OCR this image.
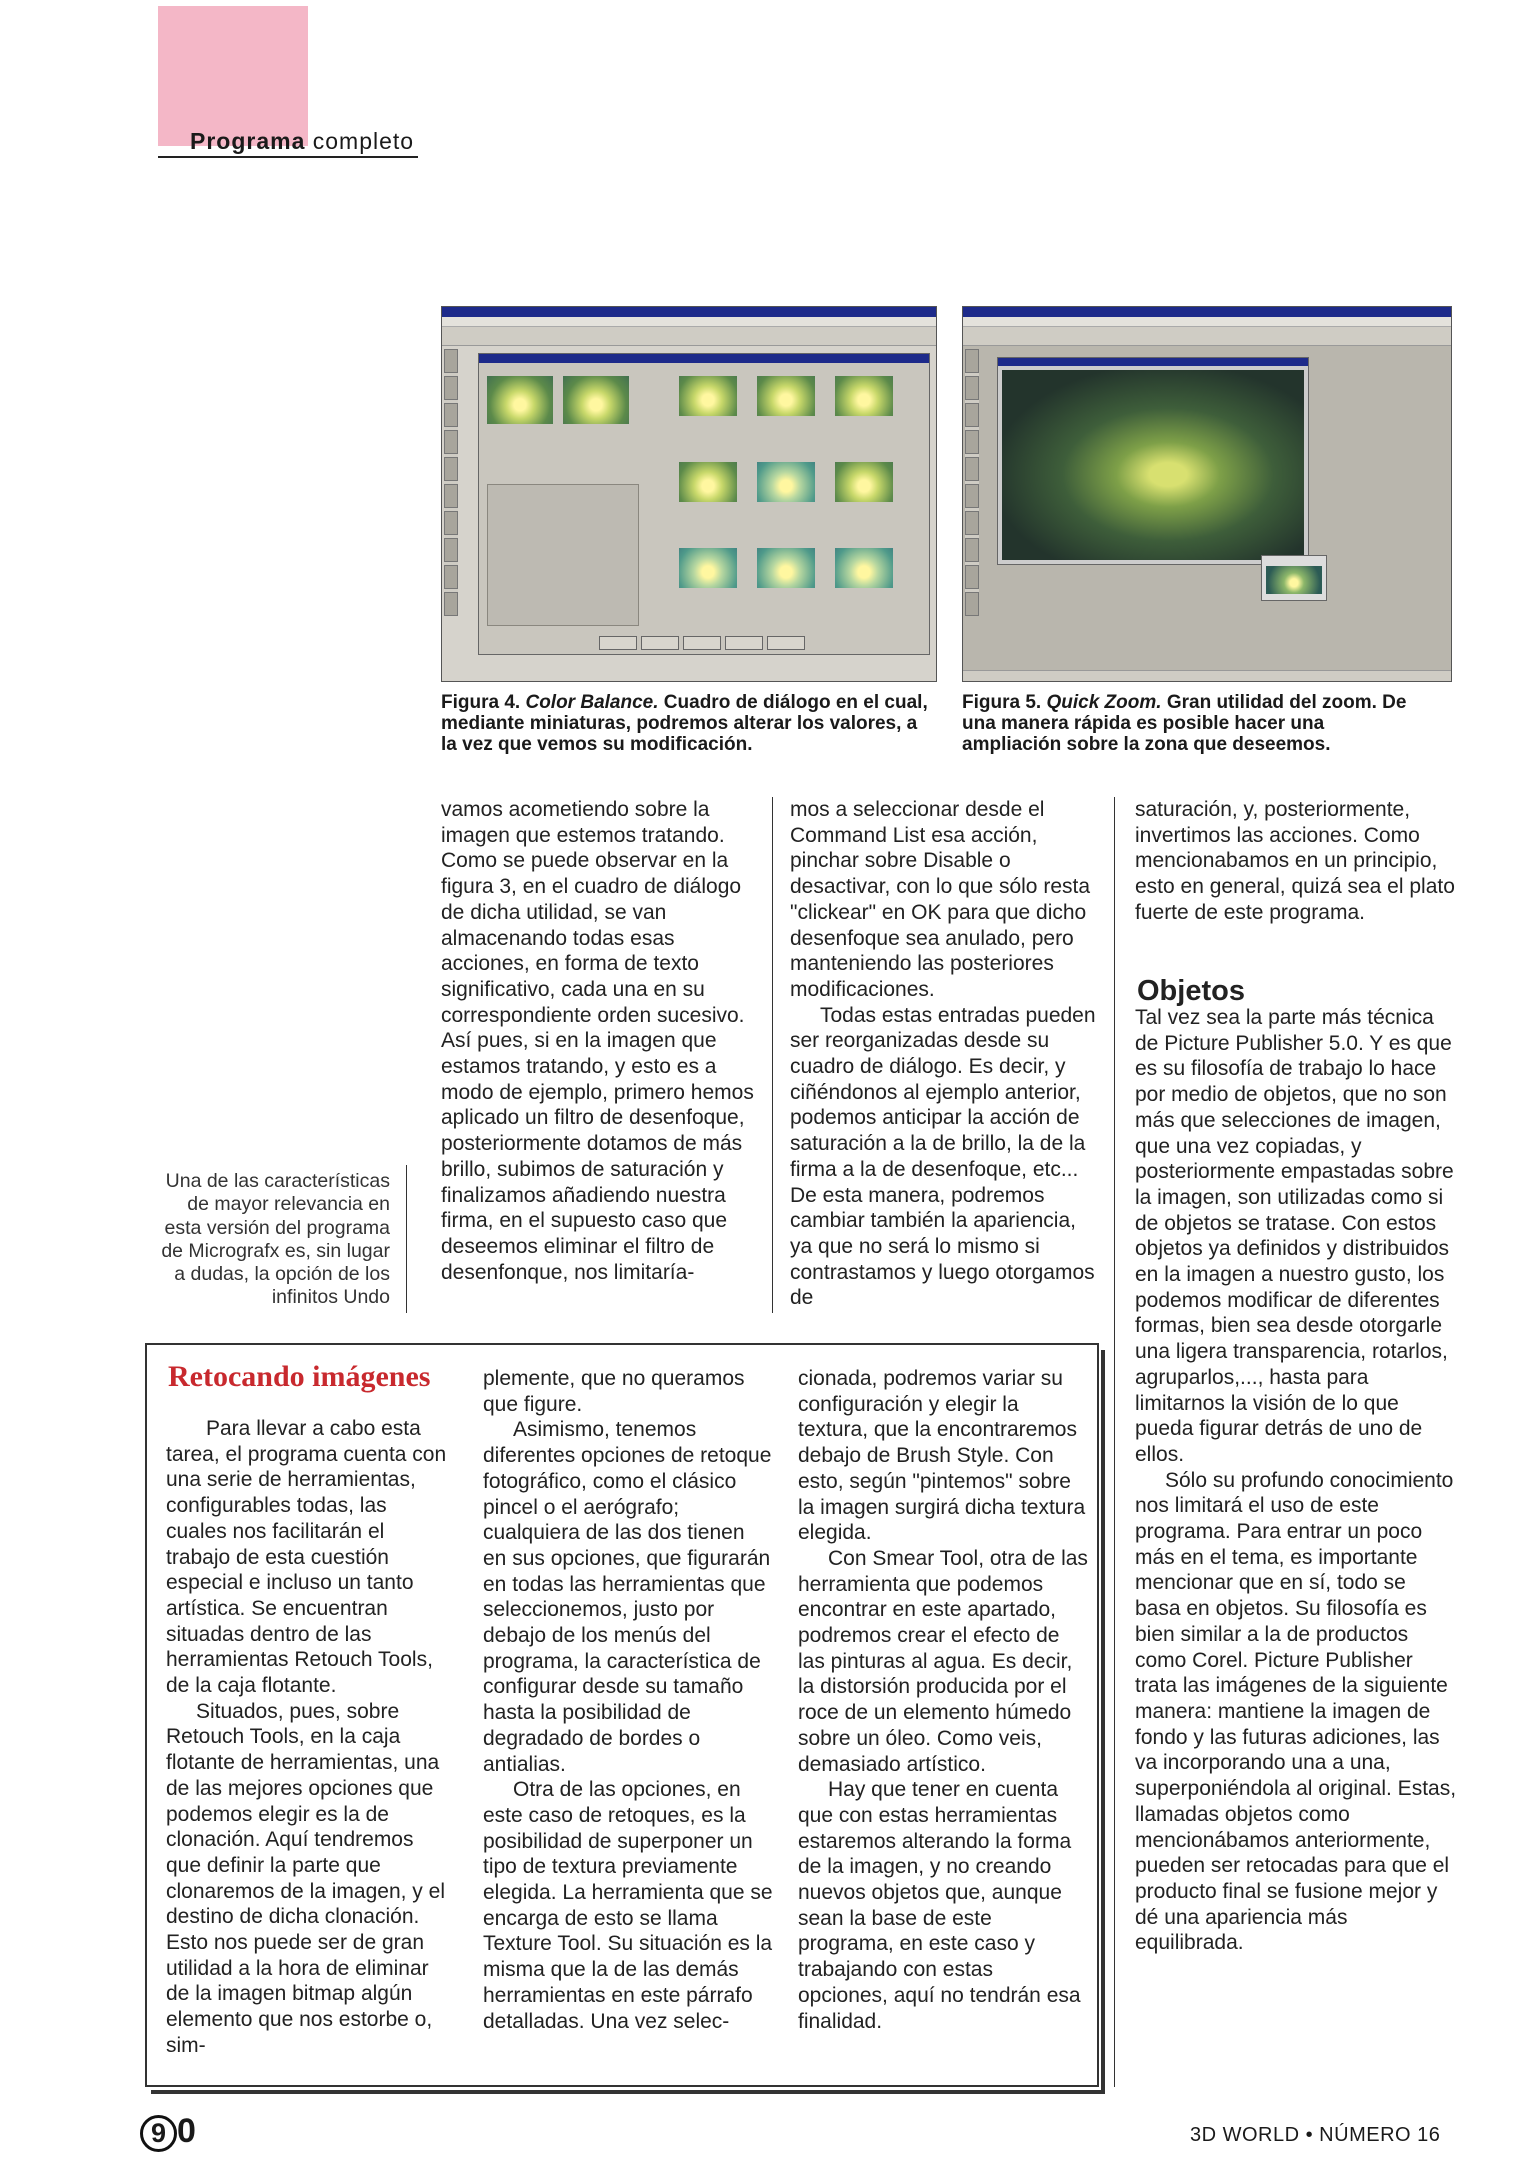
Programa completo
Figura 4. Color Balance. Cuadro de diálogo en el cual, mediante miniaturas, podremos alterar los valores, a la vez que vemos su modificación.
Figura 5. Quick Zoom. Gran utilidad del zoom. De una manera rápida es posible hacer una ampliación sobre la zona que deseemos.
Una de las características de mayor relevancia en esta versión del programa de Micrografx es, sin lugar a dudas, la opción de los infinitos Undo

vamos acometiendo sobre la imagen que estemos tratando. Como se puede observar en la figura 3, en el cuadro de diálogo de dicha utilidad, se van almacenando todas esas acciones, en forma de texto significativo, cada una en su correspondiente orden sucesivo. Así pues, si en la imagen que estamos tratando, y esto es a modo de ejemplo, primero hemos aplicado un filtro de desenfoque, posteriormente dotamos de más brillo, subimos de saturación y finalizamos añadiendo nuestra firma, en el supuesto caso que deseemos eliminar el filtro de desenfonque, nos limitaría-

mos a seleccionar desde el Command List esa acción, pinchar sobre Disable o desactivar, con lo que sólo resta "clickear" en OK para que dicho desenfoque sea anulado, pero manteniendo las posteriores modificaciones.

Todas estas entradas pueden ser reorganizadas desde su cuadro de diálogo. Es decir, y ciñéndonos al ejemplo anterior, podemos anticipar la acción de saturación a la de brillo, la de la firma a la de desenfoque, etc... De esta manera, podremos cambiar también la apariencia, ya que no será lo mismo si contrastamos y luego otorgamos de

saturación, y, posteriormente, invertimos las acciones. Como mencionabamos en un principio, esto en general, quizá sea el plato fuerte de este programa.

Objetos

Tal vez sea la parte más técnica de Picture Publisher 5.0. Y es que es su filosofía de trabajo lo hace por medio de objetos, que no son más que selecciones de imagen, que una vez copiadas, y posteriormente empastadas sobre la imagen, son utilizadas como si de objetos se tratase. Con estos objetos ya definidos y distribuidos en la imagen a nuestro gusto, los podemos modificar de diferentes formas, bien sea desde otorgarle una ligera transparencia, rotarlos, agruparlos,..., hasta para limitarnos la visión de lo que pueda figurar detrás de uno de ellos.

Sólo su profundo conocimiento nos limitará el uso de este programa. Para entrar un poco más en el tema, es importante mencionar que en sí, todo se basa en objetos. Su filosofía es bien similar a la de productos como Corel. Picture Publisher trata las imágenes de la siguiente manera: mantiene la imagen de fondo y las futuras adiciones, las va incorporando una a una, superponiéndola al original. Estas, llamadas objetos como mencionábamos anteriormente, pueden ser retocadas para que el producto final se fusione mejor y dé una apariencia más equilibrada.

Retocando imágenes

Para llevar a cabo esta tarea, el programa cuenta con una serie de herramientas, configurables todas, las cuales nos facilitarán el trabajo de esta cuestión especial e incluso un tanto artística. Se encuentran situadas dentro de las herramientas Retouch Tools, de la caja flotante.

Situados, pues, sobre Retouch Tools, en la caja flotante de herramientas, una de las mejores opciones que podemos elegir es la de clonación. Aquí tendremos que definir la parte que clonaremos de la imagen, y el destino de dicha clonación. Esto nos puede ser de gran utilidad a la hora de eliminar de la imagen bitmap algún elemento que nos estorbe o, sim-

plemente, que no queramos que figure.

Asimismo, tenemos diferentes opciones de retoque fotográfico, como el clásico pincel o el aerógrafo; cualquiera de las dos tienen en sus opciones, que figurarán en todas las herramientas que seleccionemos, justo por debajo de los menús del programa, la característica de configurar desde su tamaño hasta la posibilidad de degradado de bordes o antialias.

Otra de las opciones, en este caso de retoques, es la posibilidad de superponer un tipo de textura previamente elegida. La herramienta que se encarga de esto se llama Texture Tool. Su situación es la misma que la de las demás herramientas en este párrafo detalladas. Una vez selec-

cionada, podremos variar su configuración y elegir la textura, que la encontraremos debajo de Brush Style. Con esto, según "pintemos" sobre la imagen surgirá dicha textura elegida.

Con Smear Tool, otra de las herramienta que podemos encontrar en este apartado, podremos crear el efecto de las pinturas al agua. Es decir, la distorsión producida por el roce de un elemento húmedo sobre un óleo. Como veis, demasiado artístico.

Hay que tener en cuenta que con estas herramientas estaremos alterando la forma de la imagen, y no creando nuevos objetos que, aunque sean la base de este programa, en este caso y trabajando con estas opciones, aquí no tendrán esa finalidad.

9 0	3D WORLD • NÚMERO 16
